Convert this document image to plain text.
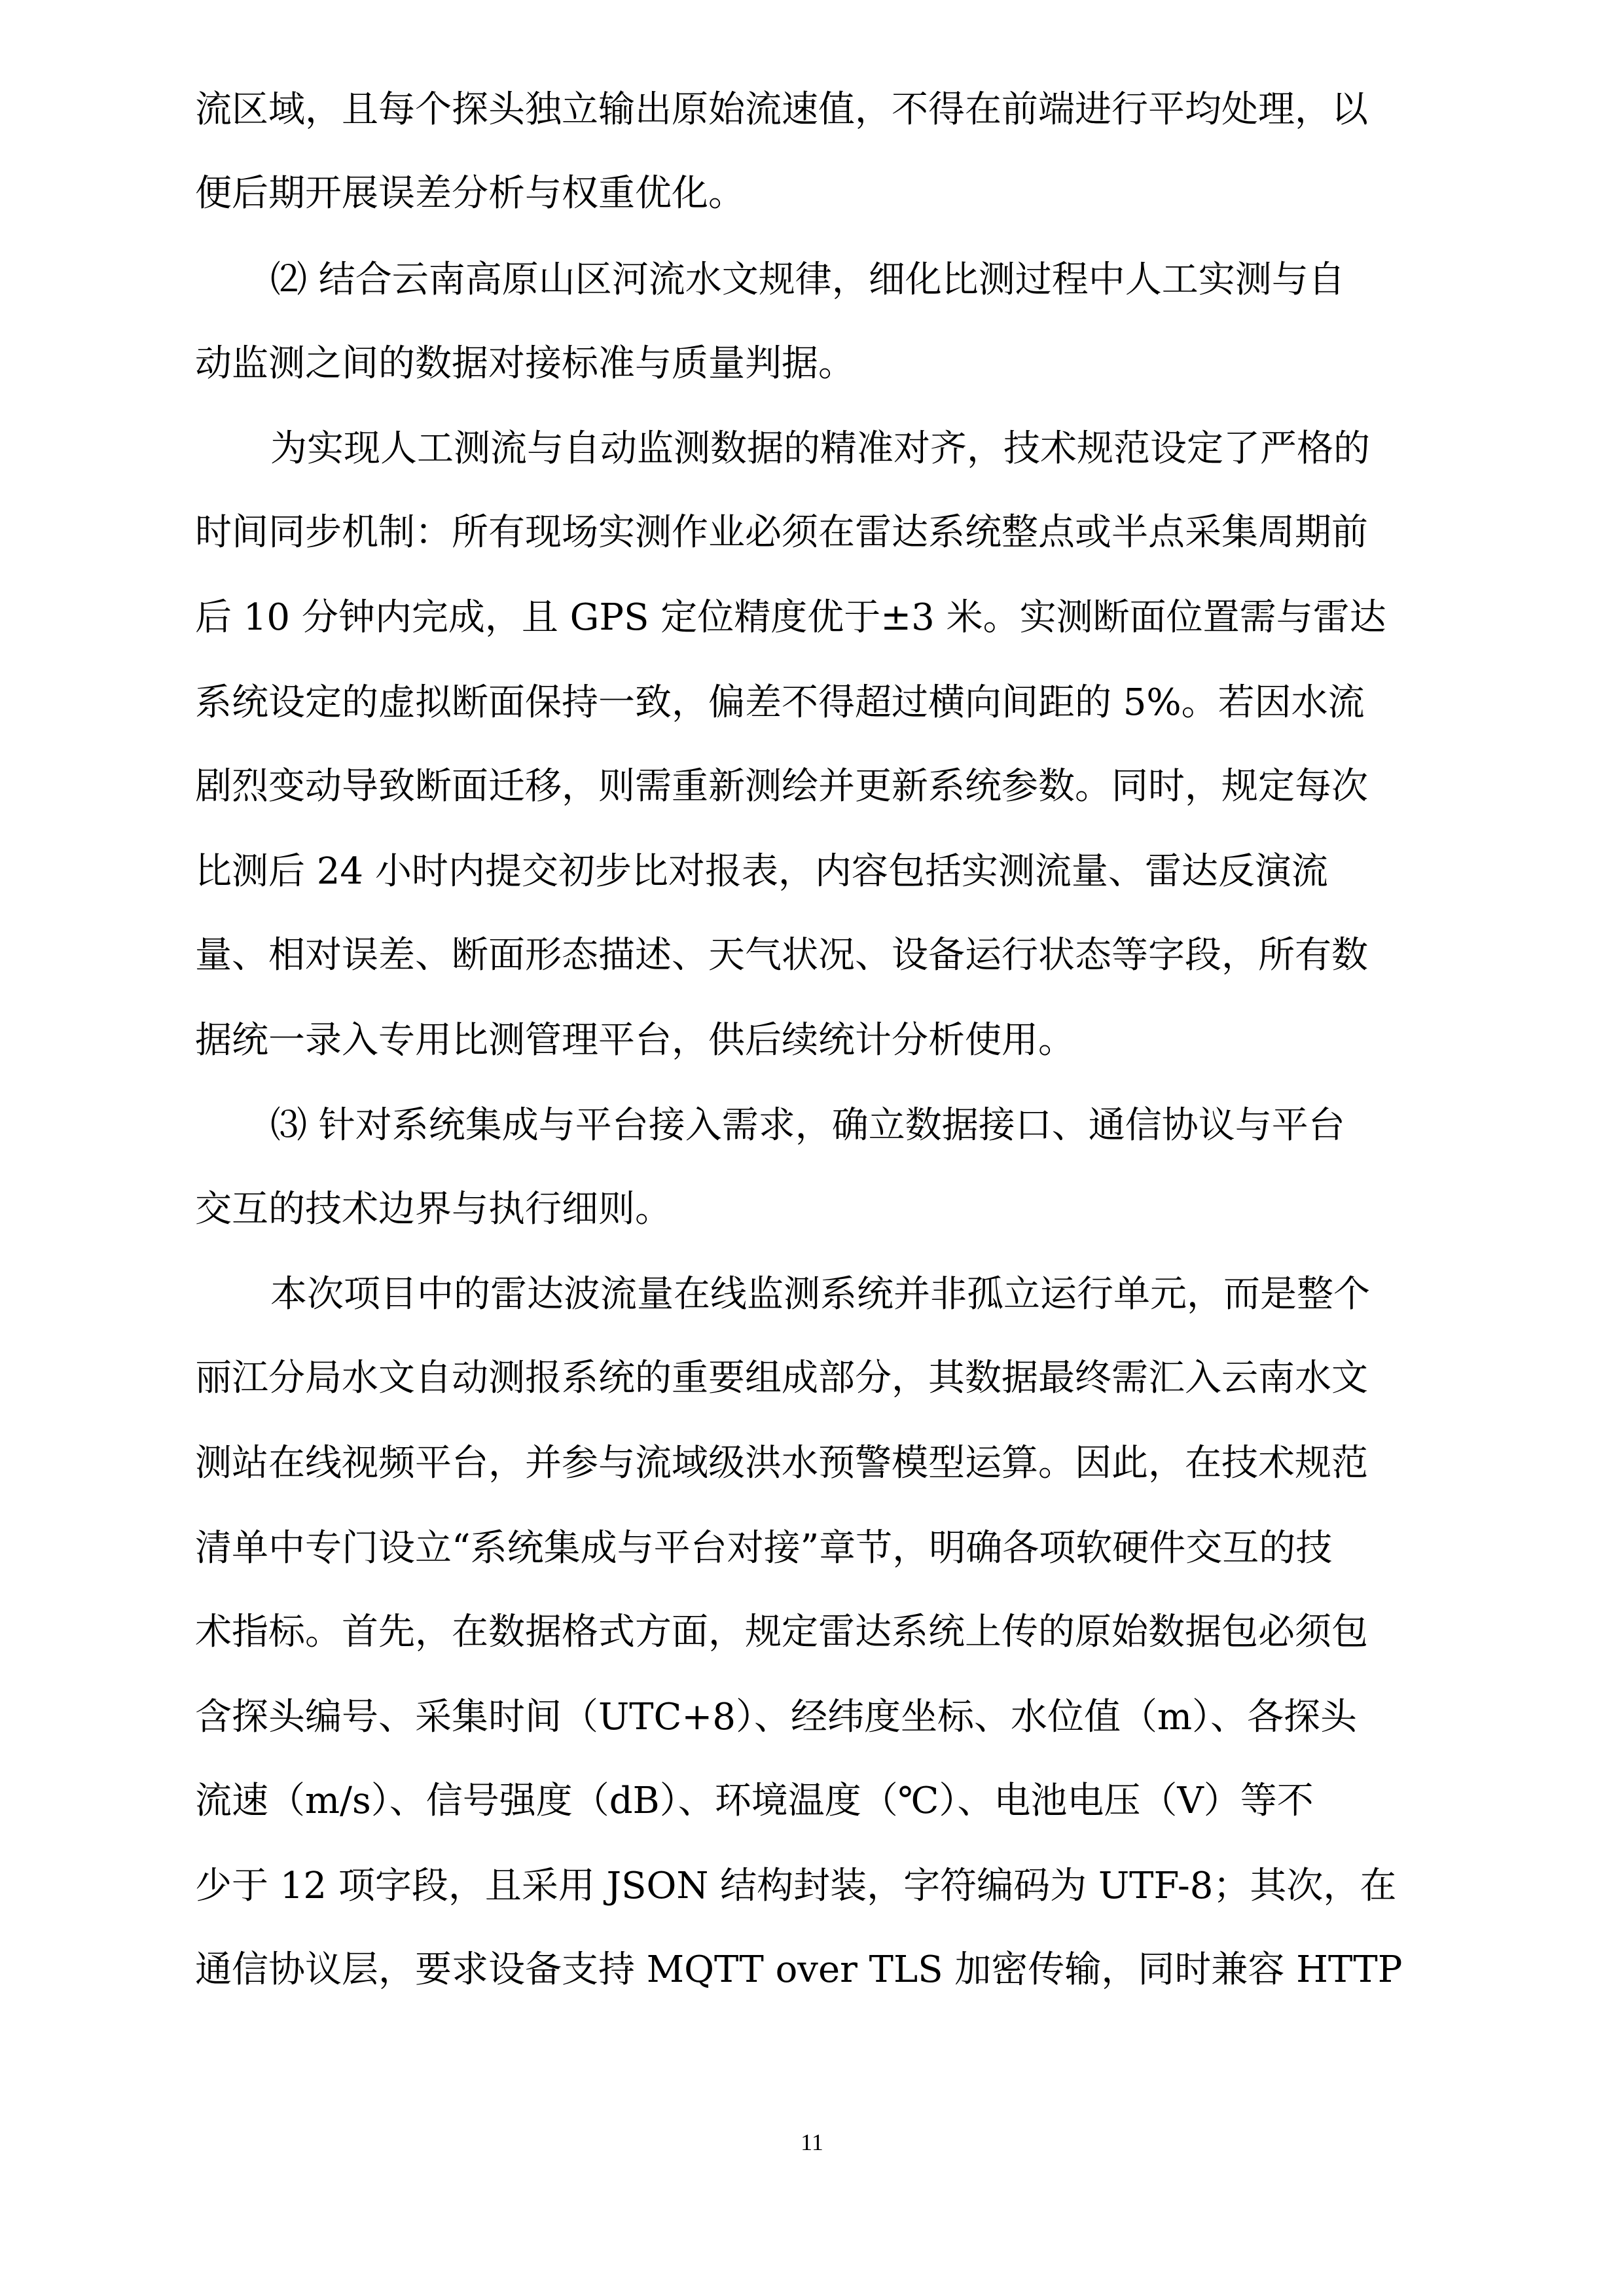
流区域，且每个探头独立输出原始流速值，不得在前端进行平均处理，以

便后期开展误差分析与权重优化。

⑵ 结合云南高原山区河流水文规律，细化比测过程中人工实测与自

动监测之间的数据对接标准与质量判据。

为实现人工测流与自动监测数据的精准对齐，技术规范设定了严格的

时间同步机制：所有现场实测作业必须在雷达系统整点或半点采集周期前

后 10 分钟内完成，且 GPS 定位精度优于±3 米。实测断面位置需与雷达

系统设定的虚拟断面保持一致，偏差不得超过横向间距的 5%。若因水流

剧烈变动导致断面迁移，则需重新测绘并更新系统参数。同时，规定每次

比测后 24 小时内提交初步比对报表，内容包括实测流量、雷达反演流

量、相对误差、断面形态描述、天气状况、设备运行状态等字段，所有数

据统一录入专用比测管理平台，供后续统计分析使用。

⑶ 针对系统集成与平台接入需求，确立数据接口、通信协议与平台

交互的技术边界与执行细则。

本次项目中的雷达波流量在线监测系统并非孤立运行单元，而是整个

丽江分局水文自动测报系统的重要组成部分，其数据最终需汇入云南水文

测站在线视频平台，并参与流域级洪水预警模型运算。因此，在技术规范

清单中专门设立“系统集成与平台对接”章节，明确各项软硬件交互的技

术指标。首先，在数据格式方面，规定雷达系统上传的原始数据包必须包

含探头编号、采集时间（UTC+8）、经纬度坐标、水位值（m）、各探头

流速（m/s）、信号强度（dB）、环境温度（℃）、电池电压（V）等不

少于 12 项字段，且采用 JSON 结构封装，字符编码为 UTF-8；其次，在

通信协议层，要求设备支持 MQTT over TLS 加密传输，同时兼容 HTTP

11
